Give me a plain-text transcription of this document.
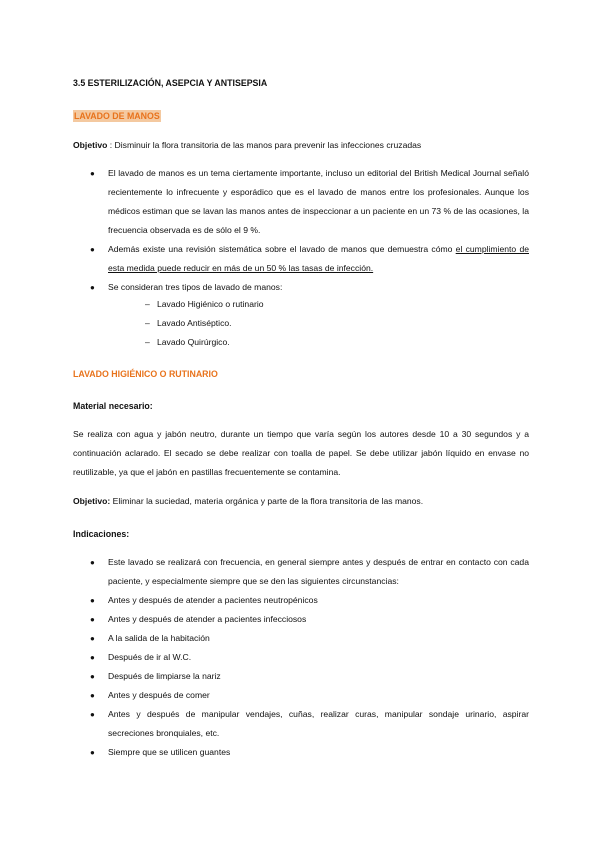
3.5 ESTERILIZACIÓN, ASEPCIA Y ANTISEPSIA
LAVADO DE MANOS
Objetivo : Disminuir la flora transitoria de las manos para prevenir las infecciones cruzadas
● El lavado de manos es un tema ciertamente importante, incluso un editorial del British Medical Journal señaló recientemente lo infrecuente y esporádico que es el lavado de manos entre los profesionales. Aunque los médicos estiman que se lavan las manos antes de inspeccionar a un paciente en un 73 % de las ocasiones, la frecuencia observada es de sólo el 9 %.
● Además existe una revisión sistemática sobre el lavado de manos que demuestra cómo el cumplimiento de esta medida puede reducir en más de un 50 % las tasas de infección.
● Se consideran tres tipos de lavado de manos:
– Lavado Higiénico o rutinario
– Lavado Antiséptico.
– Lavado Quirúrgico.
LAVADO HIGIÉNICO O RUTINARIO
Material necesario:
Se realiza con agua y jabón neutro, durante un tiempo que varía según los autores desde 10 a 30 segundos y a continuación aclarado. El secado se debe realizar con toalla de papel. Se debe utilizar jabón líquido en envase no reutilizable, ya que el jabón en pastillas frecuentemente se contamina.
Objetivo: Eliminar la suciedad, materia orgánica y parte de la flora transitoria de las manos.
Indicaciones:
● Este lavado se realizará con frecuencia, en general siempre antes y después de entrar en contacto con cada paciente, y especialmente siempre que se den las siguientes circunstancias:
● Antes y después de atender a pacientes neutropénicos
● Antes y después de atender a pacientes infecciosos
● A la salida de la habitación
● Después de ir al W.C.
● Después de limpiarse la nariz
● Antes y después de comer
● Antes y después de manipular vendajes, cuñas, realizar curas, manipular sondaje urinario, aspirar secreciones bronquiales, etc.
● Siempre que se utilicen guantes
